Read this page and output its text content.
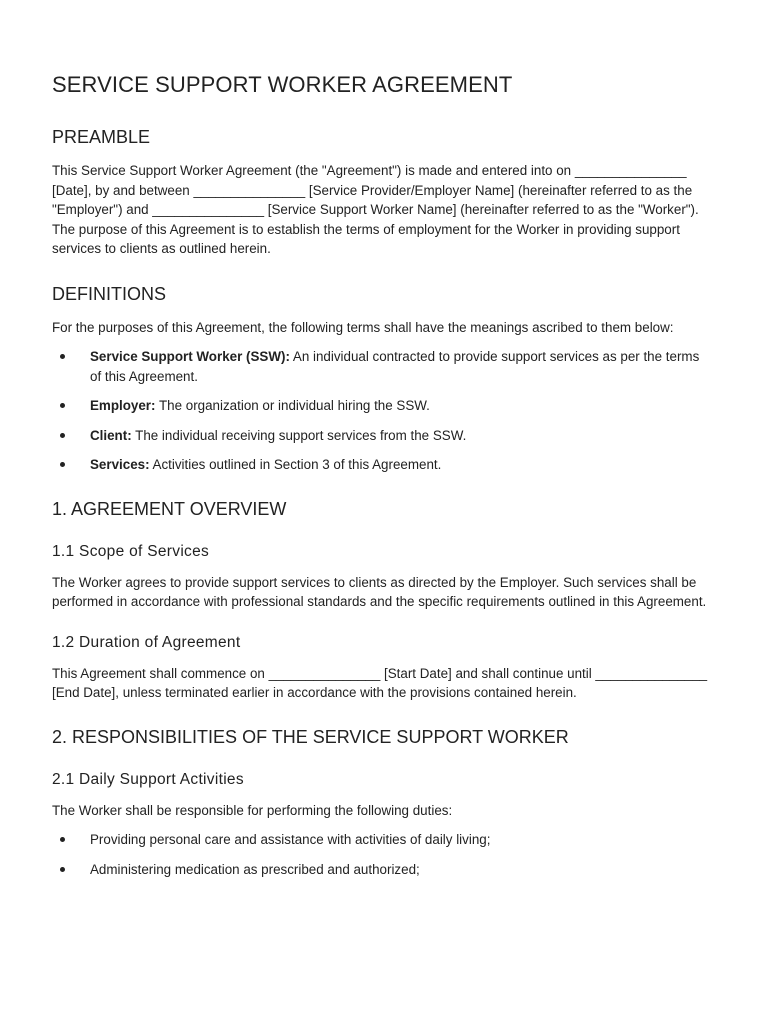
SERVICE SUPPORT WORKER AGREEMENT
PREAMBLE

This Service Support Worker Agreement (the "Agreement") is made and entered into on _______________ [Date], by and between _______________ [Service Provider/Employer Name] (hereinafter referred to as the "Employer") and _______________ [Service Support Worker Name] (hereinafter referred to as the "Worker"). The purpose of this Agreement is to establish the terms of employment for the Worker in providing support services to clients as outlined herein.

DEFINITIONS

For the purposes of this Agreement, the following terms shall have the meanings ascribed to them below:

Service Support Worker (SSW): An individual contracted to provide support services as per the terms of this Agreement.
Employer: The organization or individual hiring the SSW.
Client: The individual receiving support services from the SSW.
Services: Activities outlined in Section 3 of this Agreement.
1. AGREEMENT OVERVIEW
1.1 Scope of Services

The Worker agrees to provide support services to clients as directed by the Employer. Such services shall be performed in accordance with professional standards and the specific requirements outlined in this Agreement.

1.2 Duration of Agreement

This Agreement shall commence on _______________ [Start Date] and shall continue until _______________ [End Date], unless terminated earlier in accordance with the provisions contained herein.

2. RESPONSIBILITIES OF THE SERVICE SUPPORT WORKER
2.1 Daily Support Activities

The Worker shall be responsible for performing the following duties:

Providing personal care and assistance with activities of daily living;
Administering medication as prescribed and authorized;
